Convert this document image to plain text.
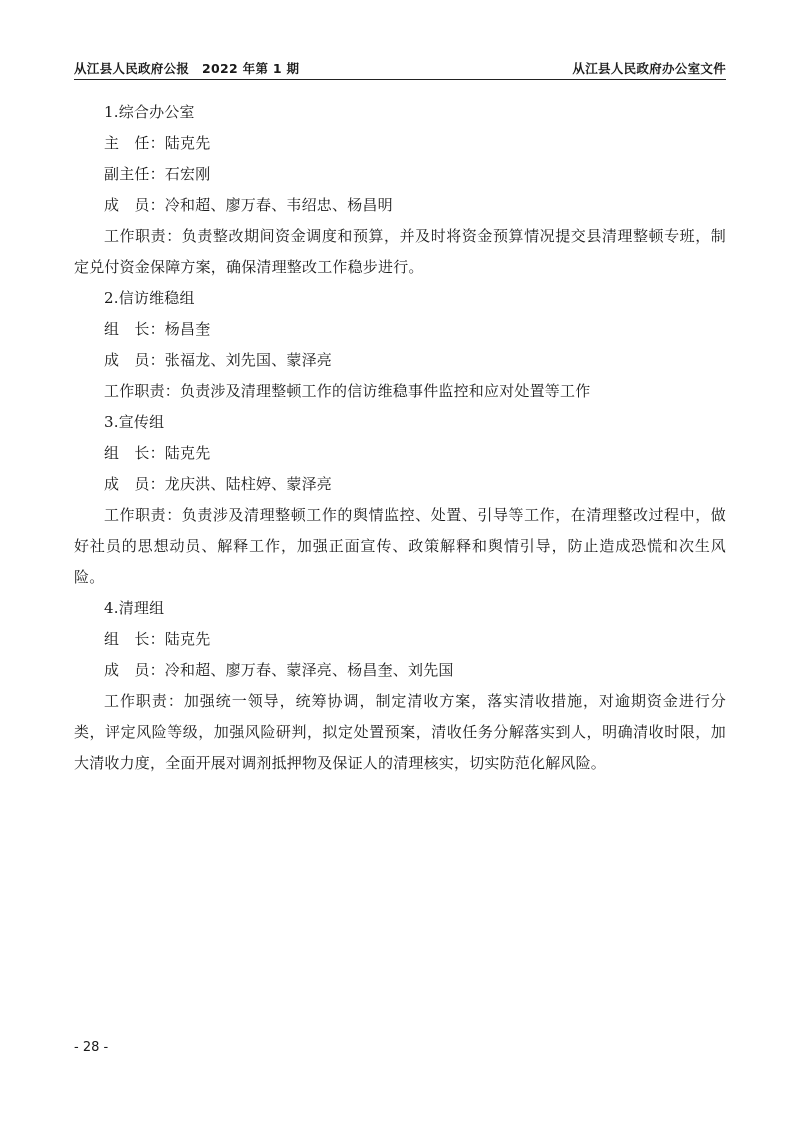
从江县人民政府公报　2022 年第 1 期	从江县人民政府办公室文件
1.综合办公室
主　任：陆克先
副主任：石宏刚
成　员：冷和超、廖万春、韦绍忠、杨昌明
工作职责：负责整改期间资金调度和预算，并及时将资金预算情况提交县清理整顿专班，制定兑付资金保障方案，确保清理整改工作稳步进行。
2.信访维稳组
组　长：杨昌奎
成　员：张福龙、刘先国、蒙泽亮
工作职责：负责涉及清理整顿工作的信访维稳事件监控和应对处置等工作
3.宣传组
组　长：陆克先
成　员：龙庆洪、陆柱婷、蒙泽亮
工作职责：负责涉及清理整顿工作的舆情监控、处置、引导等工作，在清理整改过程中，做好社员的思想动员、解释工作，加强正面宣传、政策解释和舆情引导，防止造成恐慌和次生风险。
4.清理组
组　长：陆克先
成　员：冷和超、廖万春、蒙泽亮、杨昌奎、刘先国
工作职责：加强统一领导，统筹协调，制定清收方案，落实清收措施，对逾期资金进行分类，评定风险等级，加强风险研判，拟定处置预案，清收任务分解落实到人，明确清收时限，加大清收力度，全面开展对调剂抵押物及保证人的清理核实，切实防范化解风险。
- 28 -
